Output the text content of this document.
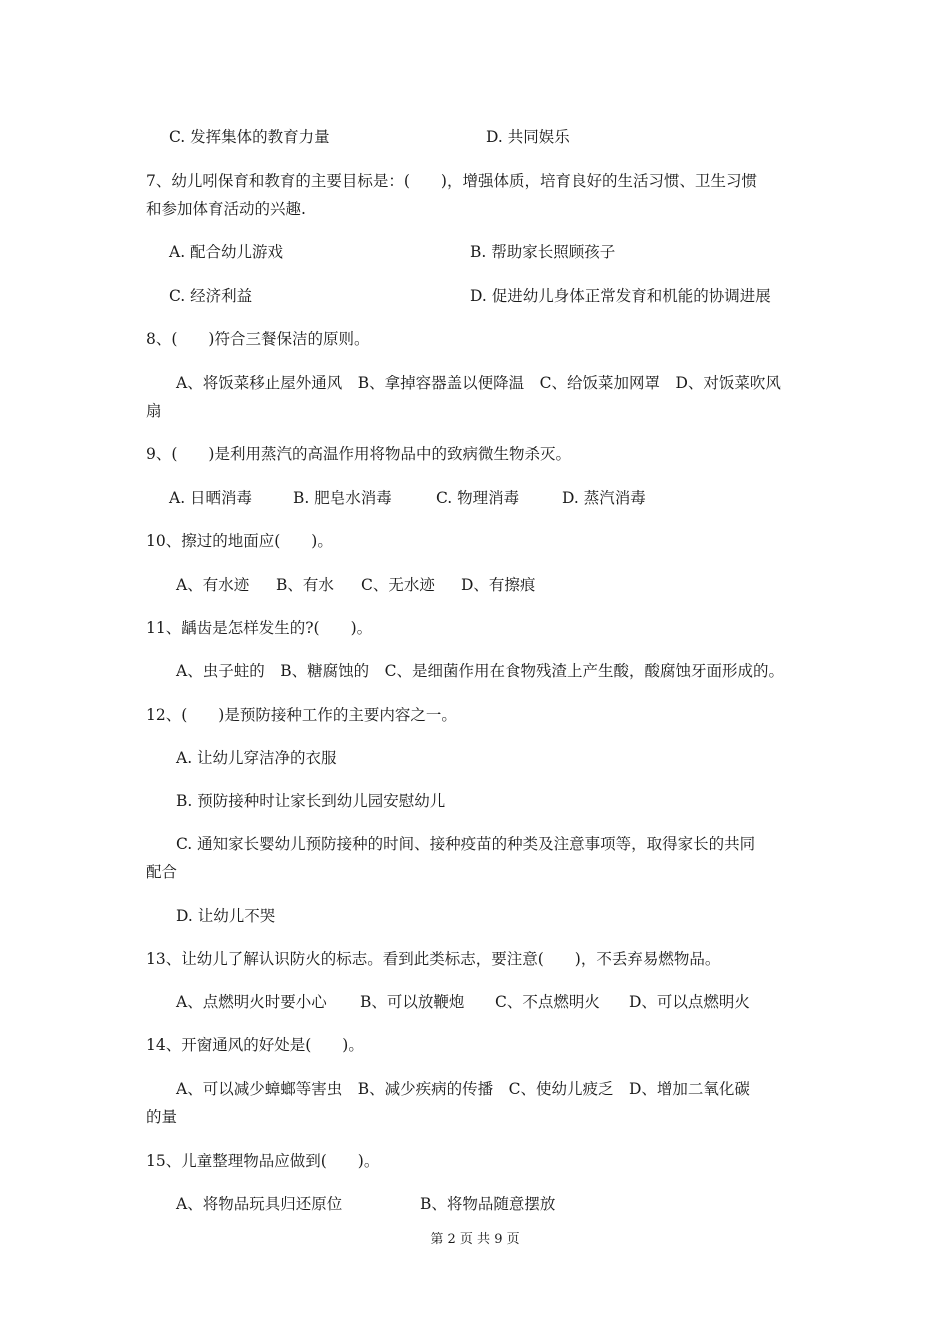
C. 发挥集体的教育力量	D. 共同娱乐
7、幼儿吲保育和教育的主要目标是：(　　)，增强体质，培育良好的生活习惯、卫生习惯
和参加体育活动的兴趣.
A. 配合幼儿游戏	B. 帮助家长照顾孩子
C. 经济利益	D. 促进幼儿身体正常发育和机能的协调进展
8、(　　)符合三餐保洁的原则。
A、将饭菜移止屋外通风　B、拿掉容器盖以便降温　C、给饭菜加网罩　D、对饭菜吹风
扇
9、(　　)是利用蒸汽的高温作用将物品中的致病微生物杀灭。
A. 日晒消毒	B. 肥皂水消毒	C. 物理消毒	D. 蒸汽消毒
10、擦过的地面应(　　)。
A、有水迹 B、有水 C、无水迹 D、有擦痕
11、龋齿是怎样发生的?(　　)。
A、虫子蛀的　B、糖腐蚀的　C、是细菌作用在食物残渣上产生酸，酸腐蚀牙面形成的。
12、(　　)是预防接种工作的主要内容之一。
A. 让幼儿穿洁净的衣服
B. 预防接种时让家长到幼儿园安慰幼儿
C. 通知家长婴幼儿预防接种的时间、接种疫苗的种类及注意事项等，取得家长的共同
配合
D. 让幼儿不哭
13、让幼儿了解认识防火的标志。看到此类标志，要注意(　　)，不丢弃易燃物品。
A、点燃明火时要小心 B、可以放鞭炮 C、不点燃明火 D、可以点燃明火
14、开窗通风的好处是(　　)。
A、可以减少蟑螂等害虫　B、减少疾病的传播　C、使幼儿疲乏　D、增加二氧化碳
的量
15、儿童整理物品应做到(　　)。
A、将物品玩具归还原位	B、将物品随意摆放
第 2 页 共 9 页
